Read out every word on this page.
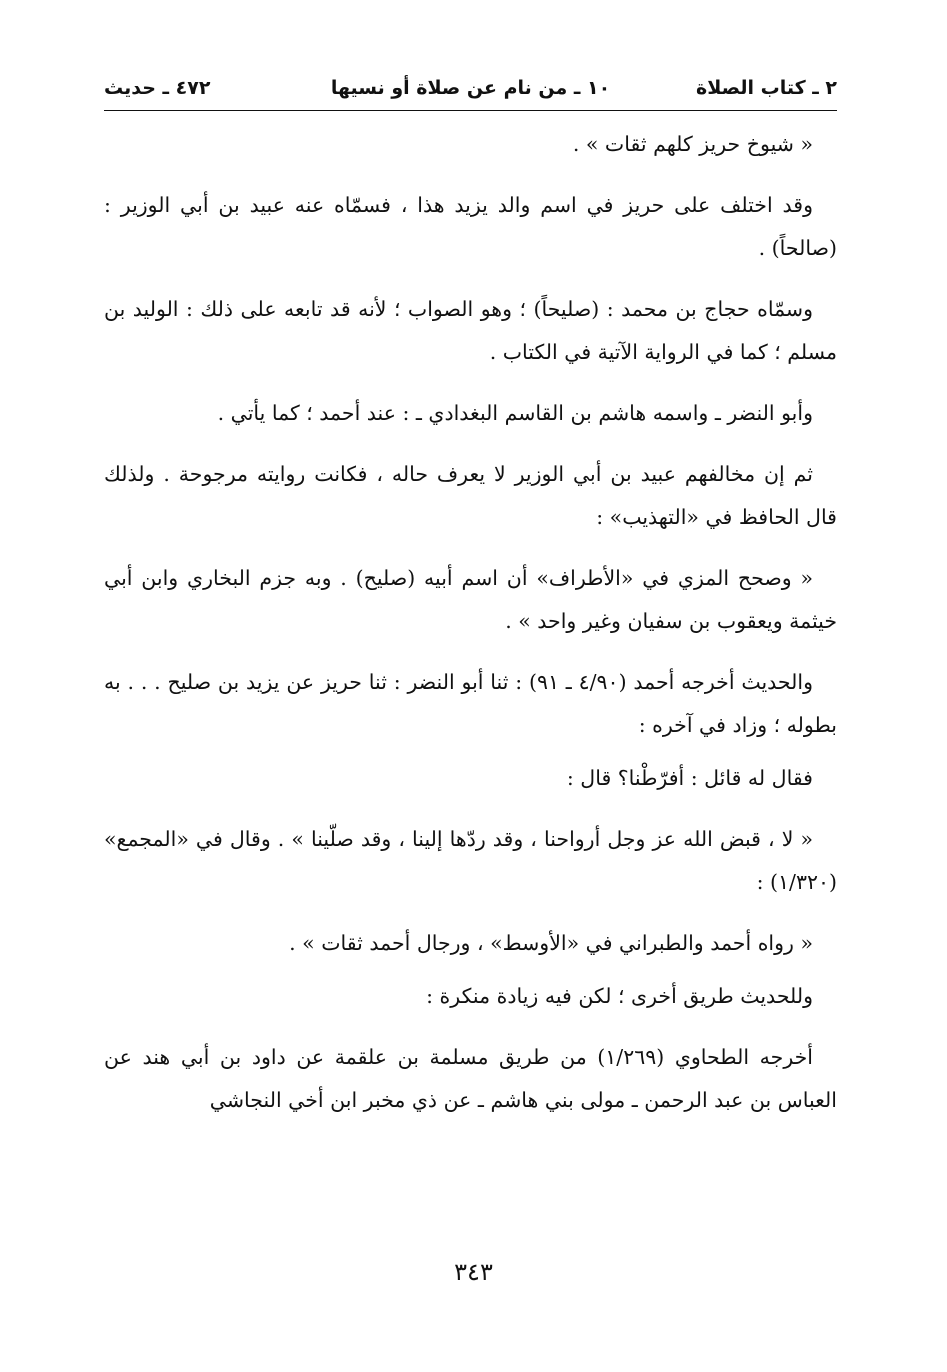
٢ ـ كتاب الصلاة
١٠ ـ من نام عن صلاة أو نسيها
٤٧٢ ـ حديث

« شيوخ حريز كلهم ثقات » .

وقد اختلف على حريز في اسم والد يزيد هذا ، فسمّاه عنه عبيد بن أبي الوزير : (صالحاً) .

وسمّاه حجاج بن محمد : (صليحاً) ؛ وهو الصواب ؛ لأنه قد تابعه على ذلك : الوليد بن مسلم ؛ كما في الرواية الآتية في الكتاب .

وأبو النضر ـ واسمه هاشم بن القاسم البغدادي ـ : عند أحمد ؛ كما يأتي .

ثم إن مخالفهم عبيد بن أبي الوزير لا يعرف حاله ، فكانت روايته مرجوحة . ولذلك قال الحافظ في «التهذيب» :

« وصحح المزي في «الأطراف» أن اسم أبيه (صليح) . وبه جزم البخاري وابن أبي خيثمة ويعقوب بن سفيان وغير واحد » .

والحديث أخرجه أحمد (٤/٩٠ ـ ٩١) : ثنا أبو النضر : ثنا حريز عن يزيد بن صليح . . . به بطوله ؛ وزاد في آخره :

فقال له قائل : أفرّطْنا؟ قال :

« لا ، قبض الله عز وجل أرواحنا ، وقد ردّها إلينا ، وقد صلّينا » . وقال في «المجمع» (١/٣٢٠) :

« رواه أحمد والطبراني في «الأوسط» ، ورجال أحمد ثقات » .

وللحديث طريق أخرى ؛ لكن فيه زيادة منكرة :

أخرجه الطحاوي (١/٢٦٩) من طريق مسلمة بن علقمة عن داود بن أبي هند عن العباس بن عبد الرحمن ـ مولى بني هاشم ـ عن ذي مخبر ابن أخي النجاشي

٣٤٣
